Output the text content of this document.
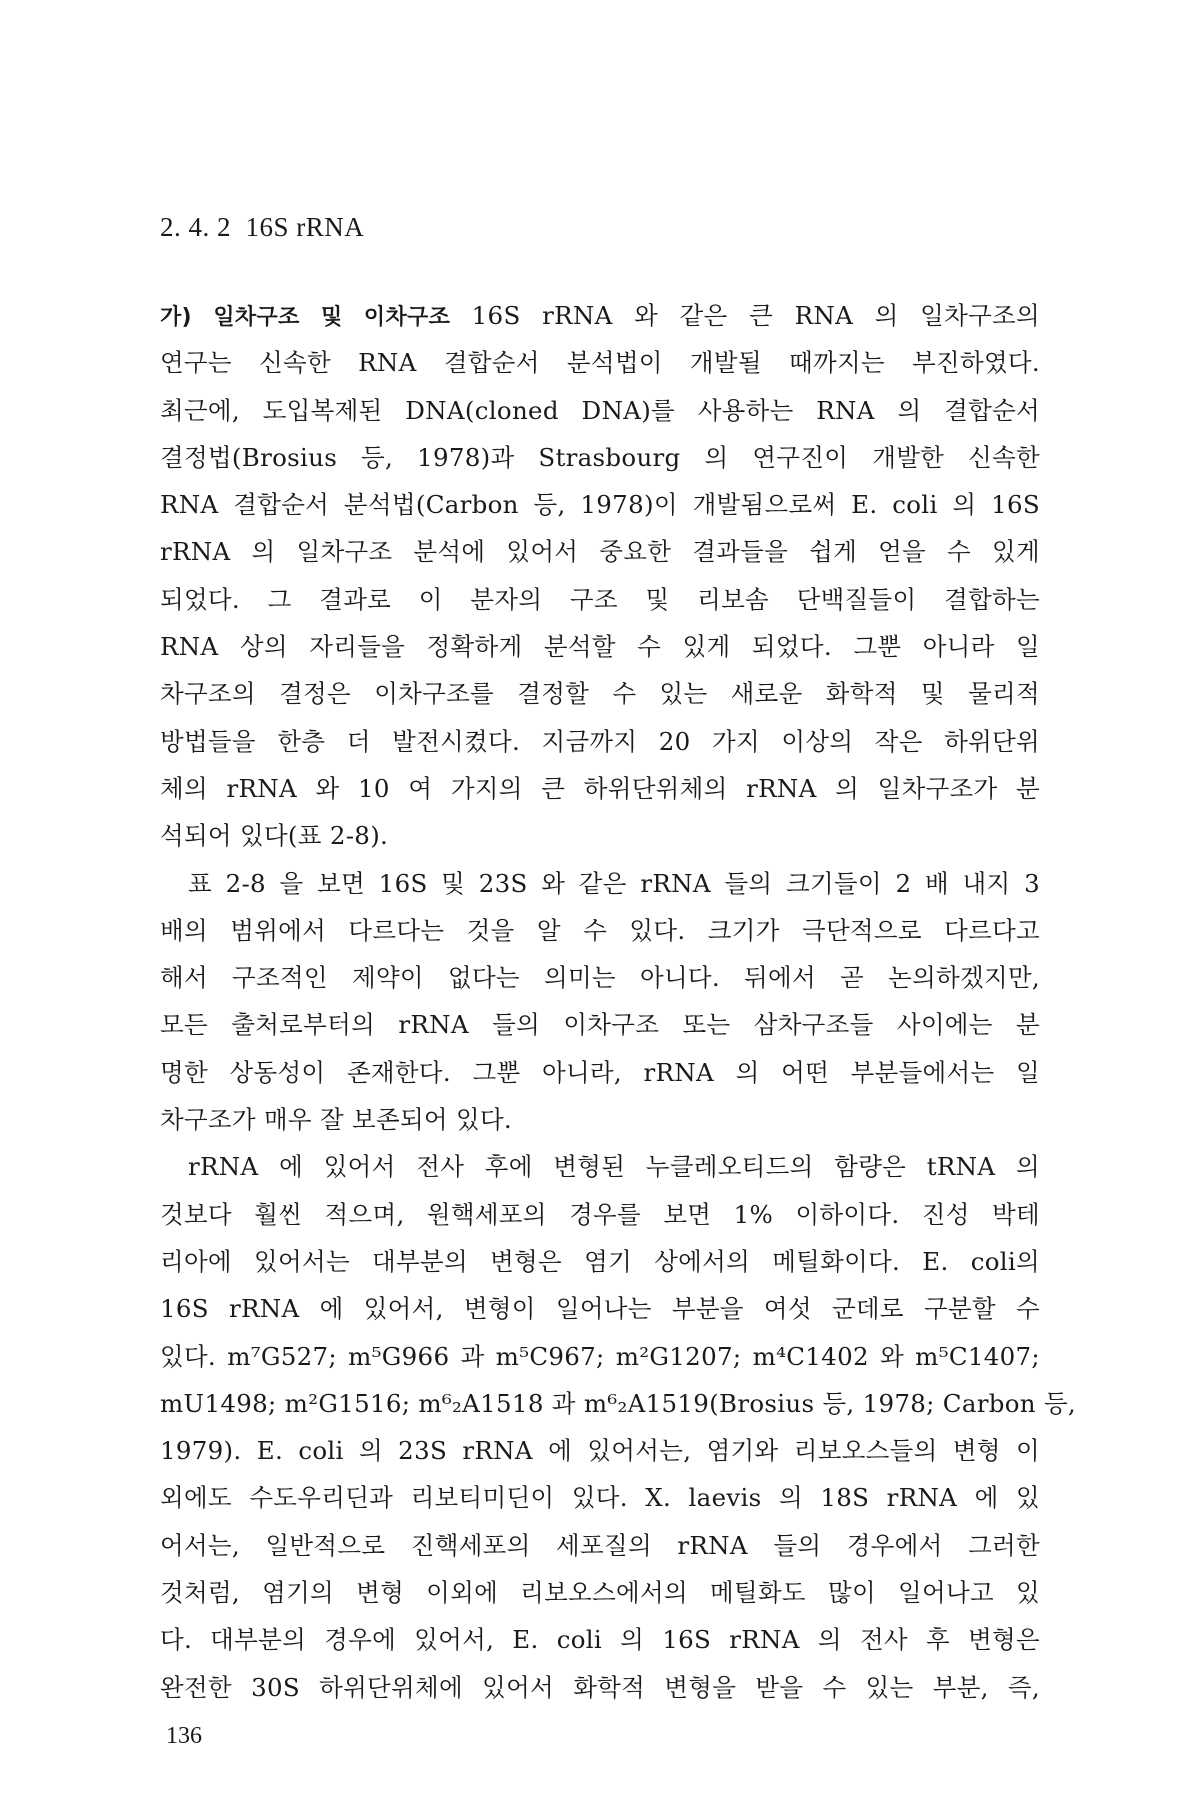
2. 4. 2  16S rRNA
가) 일차구조 및 이차구조 16S rRNA 와 같은 큰 RNA 의 일차구조의
연구는 신속한 RNA 결합순서 분석법이 개발될 때까지는 부진하였다.
최근에, 도입복제된 DNA(cloned DNA)를 사용하는 RNA 의 결합순서
결정법(Brosius 등, 1978)과 Strasbourg 의 연구진이 개발한 신속한
RNA 결합순서 분석법(Carbon 등, 1978)이 개발됨으로써 E. coli 의 16S
rRNA 의 일차구조 분석에 있어서 중요한 결과들을 쉽게 얻을 수 있게
되었다. 그 결과로 이 분자의 구조 및 리보솜 단백질들이 결합하는
RNA 상의 자리들을 정확하게 분석할 수 있게 되었다. 그뿐 아니라 일
차구조의 결정은 이차구조를 결정할 수 있는 새로운 화학적 및 물리적
방법들을 한층 더 발전시켰다. 지금까지 20 가지 이상의 작은 하위단위
체의 rRNA 와 10 여 가지의 큰 하위단위체의 rRNA 의 일차구조가 분
석되어 있다(표 2-8).
표 2-8 을 보면 16S 및 23S 와 같은 rRNA 들의 크기들이 2 배 내지 3
배의 범위에서 다르다는 것을 알 수 있다. 크기가 극단적으로 다르다고
해서 구조적인 제약이 없다는 의미는 아니다. 뒤에서 곧 논의하겠지만,
모든 출처로부터의 rRNA 들의 이차구조 또는 삼차구조들 사이에는 분
명한 상동성이 존재한다. 그뿐 아니라, rRNA 의 어떤 부분들에서는 일
차구조가 매우 잘 보존되어 있다.
rRNA 에 있어서 전사 후에 변형된 누클레오티드의 함량은 tRNA 의
것보다 훨씬 적으며, 원핵세포의 경우를 보면 1% 이하이다. 진성 박테
리아에 있어서는 대부분의 변형은 염기 상에서의 메틸화이다. E. coli의
16S rRNA 에 있어서, 변형이 일어나는 부분을 여섯 군데로 구분할 수
있다. m⁷G527; m⁵G966 과 m⁵C967; m²G1207; m⁴C1402 와 m⁵C1407;
mU1498; m²G1516; m⁶₂A1518 과 m⁶₂A1519(Brosius 등, 1978; Carbon 등,
1979). E. coli 의 23S rRNA 에 있어서는, 염기와 리보오스들의 변형 이
외에도 수도우리딘과 리보티미딘이 있다. X. laevis 의 18S rRNA 에 있
어서는, 일반적으로 진핵세포의 세포질의 rRNA 들의 경우에서 그러한
것처럼, 염기의 변형 이외에 리보오스에서의 메틸화도 많이 일어나고 있
다. 대부분의 경우에 있어서, E. coli 의 16S rRNA 의 전사 후 변형은
완전한 30S 하위단위체에 있어서 화학적 변형을 받을 수 있는 부분, 즉,
136
